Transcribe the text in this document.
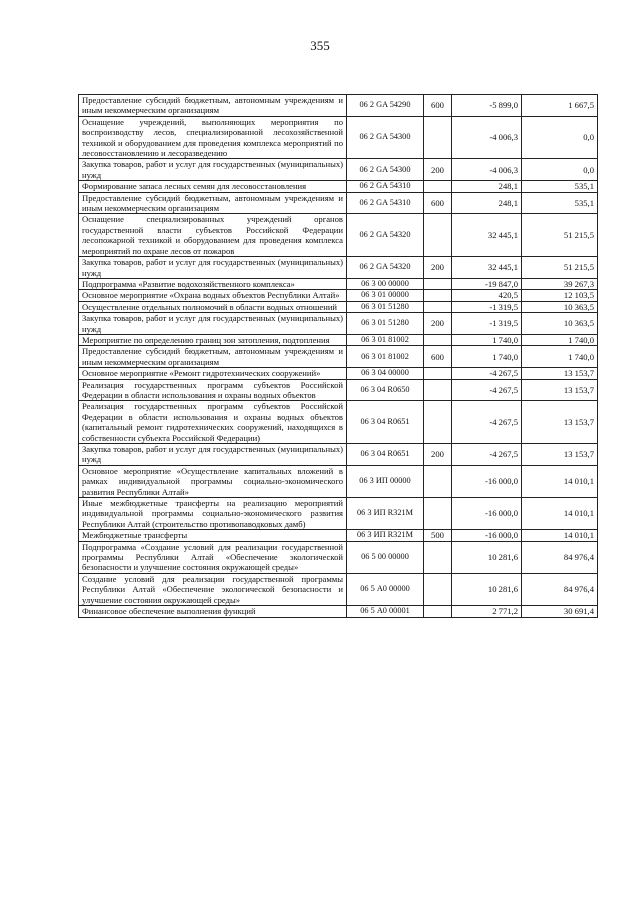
355
Предоставление субсидий бюджетным, автономным учреждениям и иным некоммерческим организациям	06 2 GA 54290	600	-5 899,0	1 667,5
Оснащение учреждений, выполняющих мероприятия по воспроизводству лесов, специализированной лесохозяйственной техникой и оборудованием для проведения комплекса мероприятий по лесовосстановлению и лесоразведению	06 2 GA 54300		-4 006,3	0,0
Закупка товаров, работ и услуг для государственных (муниципальных) нужд	06 2 GA 54300	200	-4 006,3	0,0
Формирование запаса лесных семян для лесовосстановления	06 2 GA 54310		248,1	535,1
Предоставление субсидий бюджетным, автономным учреждениям и иным некоммерческим организациям	06 2 GA 54310	600	248,1	535,1
Оснащение специализированных учреждений органов государственной власти субъектов Российской Федерации лесопожарной техникой и оборудованием для проведения комплекса мероприятий по охране лесов от пожаров	06 2 GA 54320		32 445,1	51 215,5
Закупка товаров, работ и услуг для государственных (муниципальных) нужд	06 2 GA 54320	200	32 445,1	51 215,5
Подпрограмма «Развитие водохозяйственного комплекса»	06 3 00 00000		-19 847,0	39 267,3
Основное мероприятие «Охрана водных объектов Республики Алтай»	06 3 01 00000		420,5	12 103,5
Осуществление отдельных полномочий в области водных отношений	06 3 01 51280		-1 319,5	10 363,5
Закупка товаров, работ и услуг для государственных (муниципальных) нужд	06 3 01 51280	200	-1 319,5	10 363,5
Мероприятие по определению границ зон затопления, подтопления	06 3 01 81002		1 740,0	1 740,0
Предоставление субсидий бюджетным, автономным учреждениям и иным некоммерческим организациям	06 3 01 81002	600	1 740,0	1 740,0
Основное мероприятие «Ремонт гидротехнических сооружений»	06 3 04 00000		-4 267,5	13 153,7
Реализация государственных программ субъектов Российской Федерации в области использования и охраны водных объектов	06 3 04 R0650		-4 267,5	13 153,7
Реализация государственных программ субъектов Российской Федерации в области использования и охраны водных объектов (капитальный ремонт гидротехнических сооружений, находящихся в собственности субъекта Российской Федерации)	06 3 04 R0651		-4 267,5	13 153,7
Закупка товаров, работ и услуг для государственных (муниципальных) нужд	06 3 04 R0651	200	-4 267,5	13 153,7
Основное мероприятие «Осуществление капитальных вложений в рамках индивидуальной программы социально-экономического развития Республики Алтай»	06 3 ИП 00000		-16 000,0	14 010,1
Иные межбюджетные трансферты на реализацию мероприятий индивидуальной программы социально-экономического развития Республики Алтай (строительство противопаводковых дамб)	06 3 ИП R321М		-16 000,0	14 010,1
Межбюджетные трансферты	06 3 ИП R321М	500	-16 000,0	14 010,1
Подпрограмма «Создание условий для реализации государственной программы Республики Алтай «Обеспечение экологической безопасности и улучшение состояния окружающей среды»	06 5 00 00000		10 281,6	84 976,4
Создание условий для реализации государственной программы Республики Алтай «Обеспечение экологической безопасности и улучшение состояния окружающей среды»	06 5 А0 00000		10 281,6	84 976,4
Финансовое обеспечение выполнения функций	06 5 А0 00001		2 771,2	30 691,4
